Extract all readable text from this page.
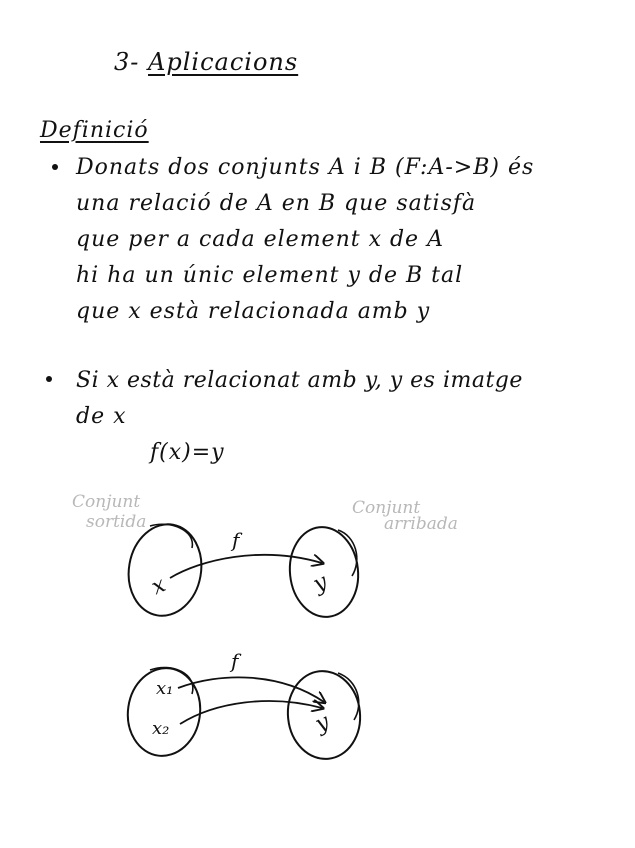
3- Aplicacions
Definició
Donats dos conjunts A i B (F:A->B) és
una relació de A en B que satisfà
que per a cada element x de A
hi ha un únic element y de B tal
que x està relacionada amb y
Si x està relacionat amb y, y es imatge
de x
f(x)=y
Conjunt
sortida
Conjunt
arribada
f
x	y
f
x₁
x₂	y
